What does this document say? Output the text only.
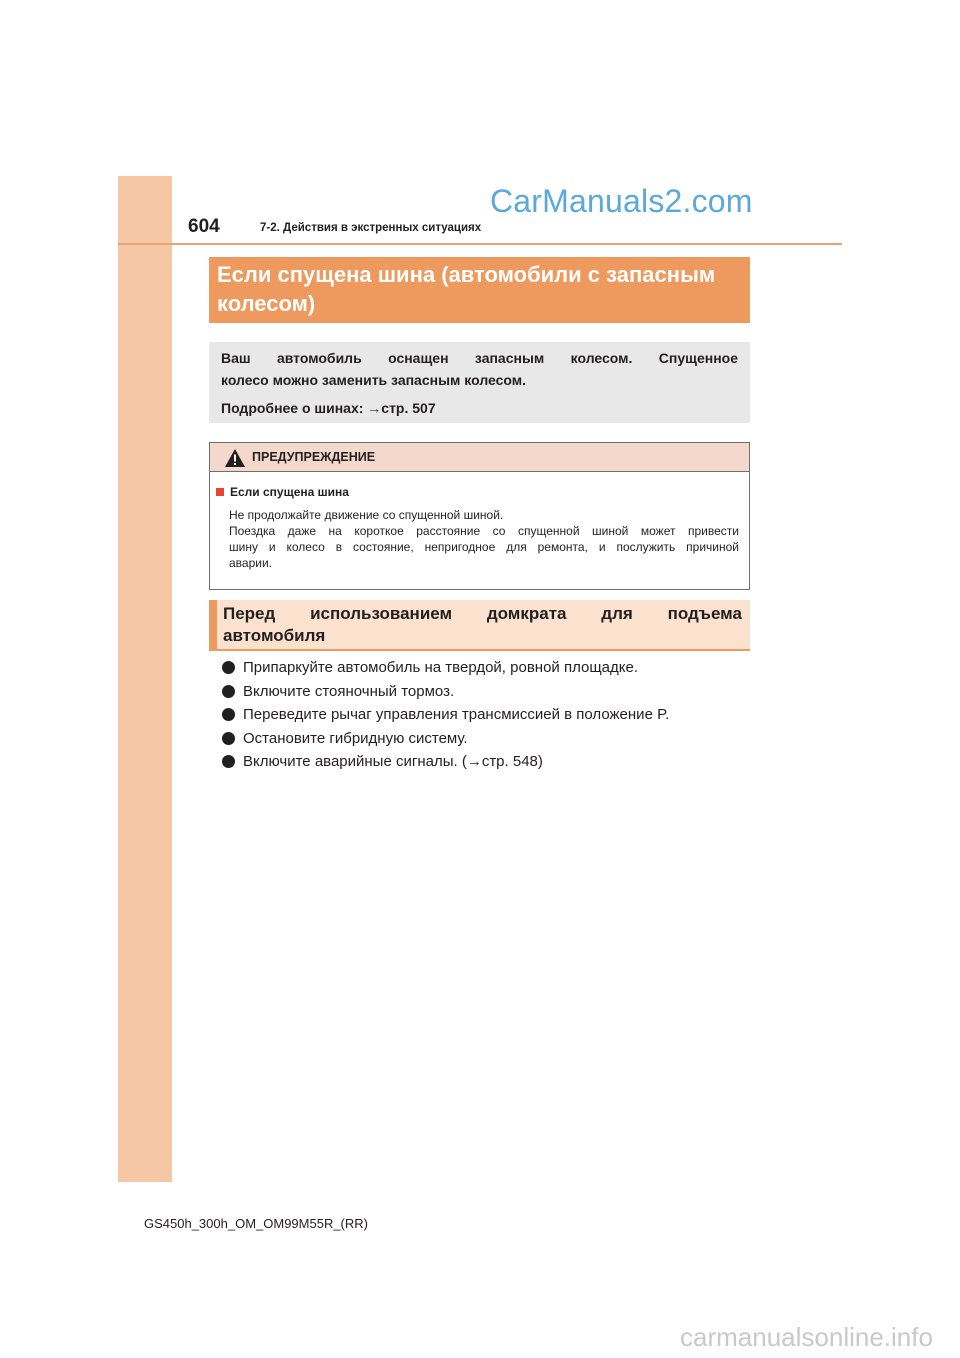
604	7-2. Действия в экстренных ситуациях
CarManuals2.com
Если спущена шина (автомобили с запасным
колесом)

Ваш автомобиль оснащен запасным колесом. Спущенное

колесо можно заменить запасным колесом.

Подробнее о шинах: →стр. 507

ПРЕДУПРЕЖДЕНИЕ
Если спущена шина

Не продолжайте движение со спущенной шиной.

Поездка даже на короткое расстояние со спущенной шиной может привести
шину и колесо в состояние, непригодное для ремонта, и послужить причиной

аварии.

Перед использованием домкрата для подъема
автомобиля
Припаркуйте автомобиль на твердой, ровной площадке.
Включите стояночный тормоз.
Переведите рычаг управления трансмиссией в положение P.
Остановите гибридную систему.
Включите аварийные сигналы. (→стр. 548)
GS450h_300h_OM_OM99M55R_(RR)
carmanualsonline.info
